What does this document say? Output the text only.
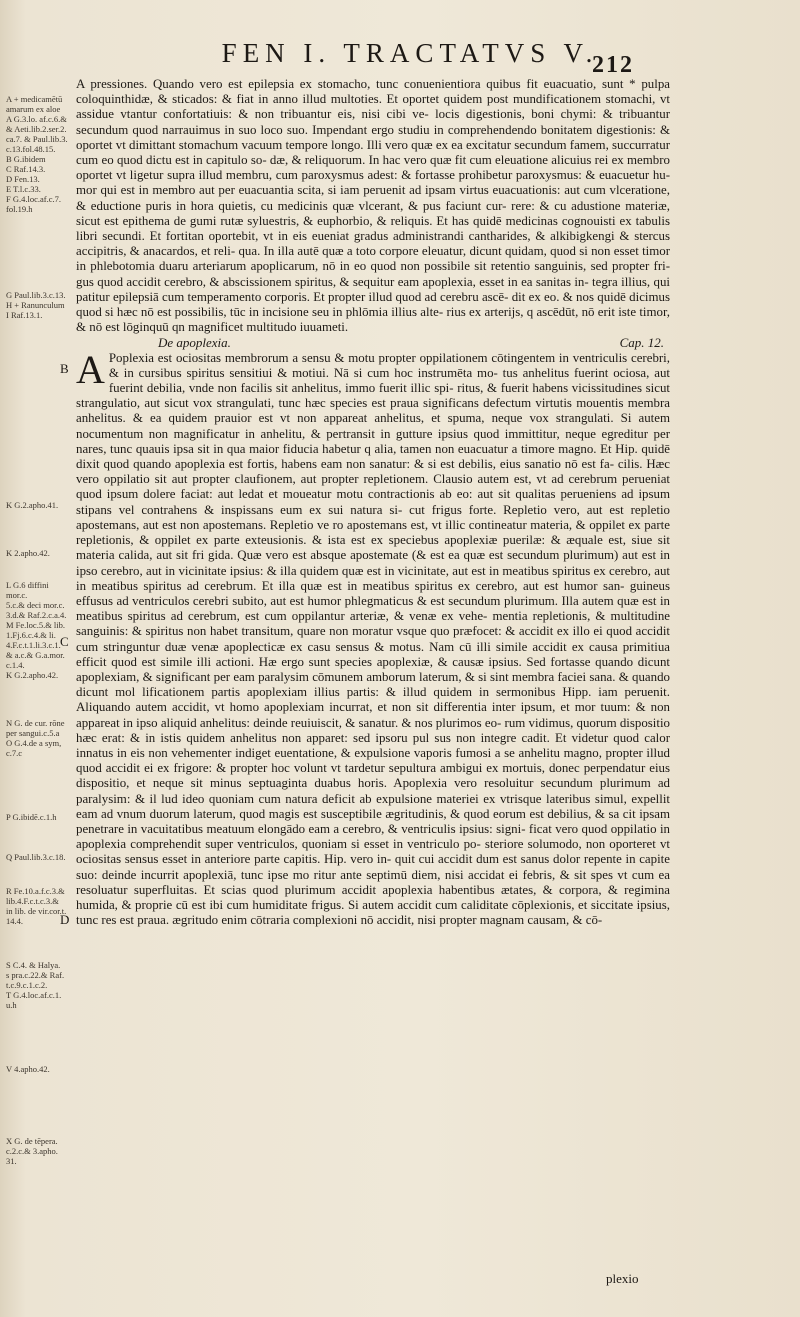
FEN I. TRACTATVS V.
212
A + medicamētū
amarum ex aloe
A G.3.lo. af.c.6.&
& Aeti.lib.2.ser.2.
ca.7. & Paul.lib.3.
c.13.fol.48.15.
B G.ibidem
C Raf.14.3.
D Fen.13.
E T.l.c.33.
F G.4.loc.af.c.7.
fol.19.h
G Paul.lib.3.c.13.
H + Ranunculum
I Raf.13.1.
K G.2.apho.41.
K 2.apho.42.
L G.6 diffini mor.c.
5.c.& deci mor.c.
3.d.& Raf.2.c.a.4.
M Fe.loc.5.& lib.
1.Fj.6.c.4.& li.
4.F.c.t.1.li.3.c.1.
& a.c.& G.a.mor.
c.1.4.
K G.2.apho.42.
N G. de cur. rōne
per sangui.c.5.a
O G.4.de a sym,
c.7.c
P G.ibidē.c.1.h
Q Paul.lib.3.c.18.
R Fe.10.a.f.c.3.&
lib.4.F.c.t.c.3.&
in lib. de vir.cor.t.
14.4.
S C.4. & Halya.
s pra.c.22.& Raf.
t.c.9.c.1.c.2.
T G.4.loc.af.c.1.
u.h
V 4.apho.42.
X G. de tēpera.
c.2.c.& 3.apho.
31.

A pressiones. Quando vero est epilepsia ex stomacho, tunc conuenientiora quibus fit euacuatio, sunt * pulpa coloquinthidæ, & sticados: & fiat in anno illud multoties. Et oportet quidem post mundificationem stomachi, vt assidue vtantur confortatiuis: & non tribuantur eis, nisi cibi ve- locis digestionis, boni chymi: & tribuantur secundum quod narrauimus in suo loco suo. Impendant ergo studiu in comprehendendo bonitatem digestionis: & oportet vt dimittant stomachum vacuum tempore longo. Illi vero quæ ex ea excitatur secundum famem, succurratur cum eo quod dictu est in capitulo so- dæ, & reliquorum. In hac vero quæ fit cum eleuatione alicuius rei ex membro oportet vt ligetur supra illud membru, cum paroxysmus adest: & fortasse prohibetur paroxysmus: & euacuetur hu- mor qui est in membro aut per euacuantia scita, si iam peruenit ad ipsam virtus euacuationis: aut cum vlceratione, & eductione puris in hora quietis, cu medicinis quæ vlcerant, & pus faciunt cur- rere: & cu adustione materiæ, sicut est epithema de gumi rutæ syluestris, & euphorbio, & reliquis. Et has quidē medicinas cognouisti ex tabulis libri secundi. Et fortitan oportebit, vt in eis eueniat gradus administrandi cantharides, & alkibigkengi & stercus accipitris, & anacardos, et reli- qua. In illa autē quæ a toto corpore eleuatur, dicunt quidam, quod si non esset timor in phlebotomia duaru arteriarum apoplicarum, nō in eo quod non possibile sit retentio sanguinis, sed propter fri- gus quod accidit cerebro, & abscissionem spiritus, & sequitur eam apoplexia, esset in ea sanitas in- tegra illius, qui patitur epilepsiā cum temperamento corporis. Et propter illud quod ad cerebru ascē- dit ex eo. & nos quidē dicimus quod si hæc nō est possibilis, tūc in incisione seu in phlōmia illius alte- rius ex arterijs, q ascēdūt, nō erit iste timor, & nō est lōginquū qn magnificet multitudo iuuameti.

De apoplexia.	Cap. 12.

A Poplexia est ociositas membrorum a sensu & motu propter oppilationem cōtingentem in ventriculis cerebri, & in cursibus spiritus sensitiui & motiui. Nā si cum hoc instrumēta mo- tus anhelitus fuerint ociosa, aut fuerint debilia, vnde non facilis sit anhelitus, immo fuerit illic spi- ritus, & fuerit habens vicissitudines sicut strangulatio, aut sicut vox strangulati, tunc hæc species est praua significans defectum virtutis mouentis membra anhelitus. & ea quidem prauior est vt non appareat anhelitus, et spuma, neque vox strangulati. Si autem nocumentum non magnificatur in anhelitu, & pertransit in gutture ipsius quod immittitur, neque egreditur per nares, tunc quauis ipsa sit in qua maior fiducia habetur q alia, tamen non euacuatur a timore magno. Et Hip. quidē dixit quod quando apoplexia est fortis, habens eam non sanatur: & si est debilis, eius sanatio nō est fa- cilis. Hæc vero oppilatio sit aut propter claufionem, aut propter repletionem. Clausio autem est, vt ad cerebrum perueniat quod ipsum dolere faciat: aut ledat et moueatur motu contractionis ab eo: aut sit qualitas perueniens ad ipsum stipans vel contrahens & inspissans eum ex sui natura si- cut frigus forte. Repletio vero, aut est repletio apostemans, aut est non apostemans. Repletio ve ro apostemans est, vt illic contineatur materia, & oppilet ex parte repletionis, & oppilet ex parte exteusionis. & ista est ex speciebus apoplexiæ puerilæ: & æquale est, siue sit materia calida, aut sit fri gida. Quæ vero est absque apostemate (& est ea quæ est secundum plurimum) aut est in ipso cerebro, aut in vicinitate ipsius: & illa quidem quæ est in vicinitate, aut est in meatibus spiritus ex cerebro, aut in meatibus spiritus ad cerebrum. Et illa quæ est in meatibus spiritus ex cerebro, aut est humor san- guineus effusus ad ventriculos cerebri subito, aut est humor phlegmaticus & est secundum plurimum. Illa autem quæ est in meatibus spiritus ad cerebrum, est cum oppilantur arteriæ, & venæ ex vehe- mentia repletionis, & multitudine sanguinis: & spiritus non habet transitum, quare non moratur vsque quo præfocet: & accidit ex illo ei quod accidit cum stringuntur duæ venæ apoplecticæ ex casu sensus & motus. Nam cū illi simile accidit ex causa primitiua efficit quod est simile illi actioni. Hæ ergo sunt species apoplexiæ, & causæ ipsius. Sed fortasse quando dicunt apoplexiam, & significant per eam paralysim cōmunem amborum laterum, & si sint membra faciei sana. & quando dicunt mol lificationem partis apoplexiam illius partis: & illud quidem in sermonibus Hipp. iam peruenit. Aliquando autem accidit, vt homo apoplexiam incurrat, et non sit differentia inter ipsum, et mor tuum: & non appareat in ipso aliquid anhelitus: deinde reuiuiscit, & sanatur. & nos plurimos eo- rum vidimus, quorum dispositio hæc erat: & in istis quidem anhelitus non apparet: sed ipsoru pul sus non integre cadit. Et videtur quod calor innatus in eis non vehementer indiget euentatione, & expulsione vaporis fumosi a se anhelitu magno, propter illud quod accidit ei ex frigore: & propter hoc volunt vt tardetur sepultura ambigui ex mortuis, donec perpendatur eius dispositio, et neque sit minus septuaginta duabus horis. Apoplexia vero resoluitur secundum plurimum ad paralysim: & il lud ideo quoniam cum natura deficit ab expulsione materiei ex vtrisque lateribus simul, expellit eam ad vnum duorum laterum, quod magis est susceptibile ægritudinis, & quod eorum est debilius, & sa cit ipsam penetrare in vacuitatibus meatuum elongādo eam a cerebro, & ventriculis ipsius: signi- ficat vero quod oppilatio in apoplexia comprehendit super ventriculos, quoniam si esset in ventriculo po- steriore solumodo, non oporteret vt ociositas sensus esset in anteriore parte capitis. Hip. vero in- quit cui accidit dum est sanus dolor repente in capite suo: deinde incurrit apoplexiā, tunc ipse mo ritur ante septimū diem, nisi accidat ei febris, & sit spes vt cum ea resoluatur superfluitas. Et scias quod plurimum accidit apoplexia habentibus ætates, & corpora, & regimina humida, & proprie cū est ibi cum humiditate frigus. Si autem accidit cum caliditate cōplexionis, et siccitate ipsius, tunc res est praua. ægritudo enim cōtraria complexioni nō accidit, nisi propter magnam causam, & cō-

B
C
D
plexio
